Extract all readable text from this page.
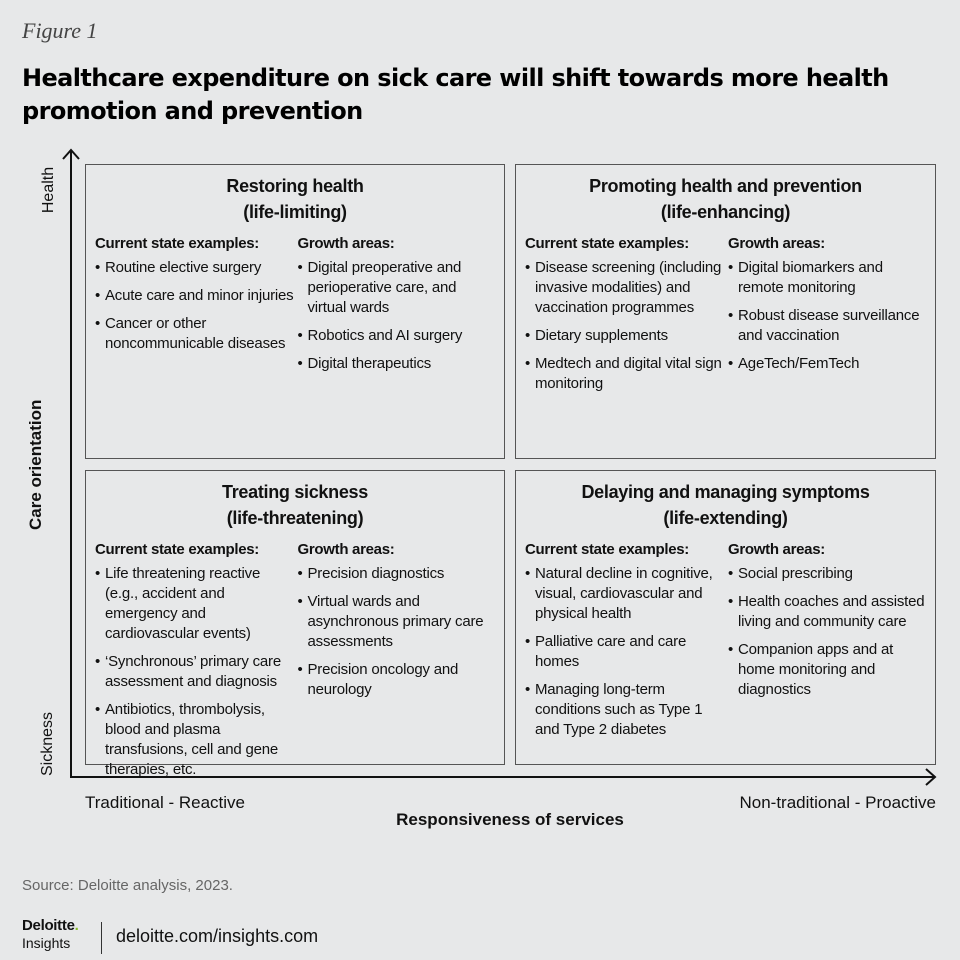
Figure 1
Healthcare expenditure on sick care will shift towards more health promotion and prevention
Health
Sickness
Care orientation
Traditional - Reactive	Non-traditional - Proactive
Responsiveness of services
Restoring health
(life-limiting)
Current state examples:
• Routine elective surgery
• Acute care and minor injuries
• Cancer or other noncommunicable diseases
Growth areas:
• Digital preoperative and perioperative care, and virtual wards
• Robotics and AI surgery
• Digital therapeutics
Promoting health and prevention
(life-enhancing)
Current state examples:
• Disease screening (including invasive modalities) and vaccination programmes
• Dietary supplements
• Medtech and digital vital sign monitoring
Growth areas:
• Digital biomarkers and remote monitoring
• Robust disease surveillance and vaccination
• AgeTech/FemTech
Treating sickness
(life-threatening)
Current state examples:
• Life threatening reactive (e.g., accident and emergency and cardiovascular events)
• ‘Synchronous’ primary care assessment and diagnosis
• Antibiotics, thrombolysis, blood and plasma transfusions, cell and gene therapies, etc.
Growth areas:
• Precision diagnostics
• Virtual wards and asynchronous primary care assessments
• Precision oncology and neurology
Delaying and managing symptoms
(life-extending)
Current state examples:
• Natural decline in cognitive, visual, cardiovascular and physical health
• Palliative care and care homes
• Managing long-term conditions such as Type 1 and Type 2 diabetes
Growth areas:
• Social prescribing
• Health coaches and assisted living and community care
• Companion apps and at home monitoring and diagnostics
Source: Deloitte analysis, 2023.
Deloitte.
Insights	deloitte.com/insights.com
